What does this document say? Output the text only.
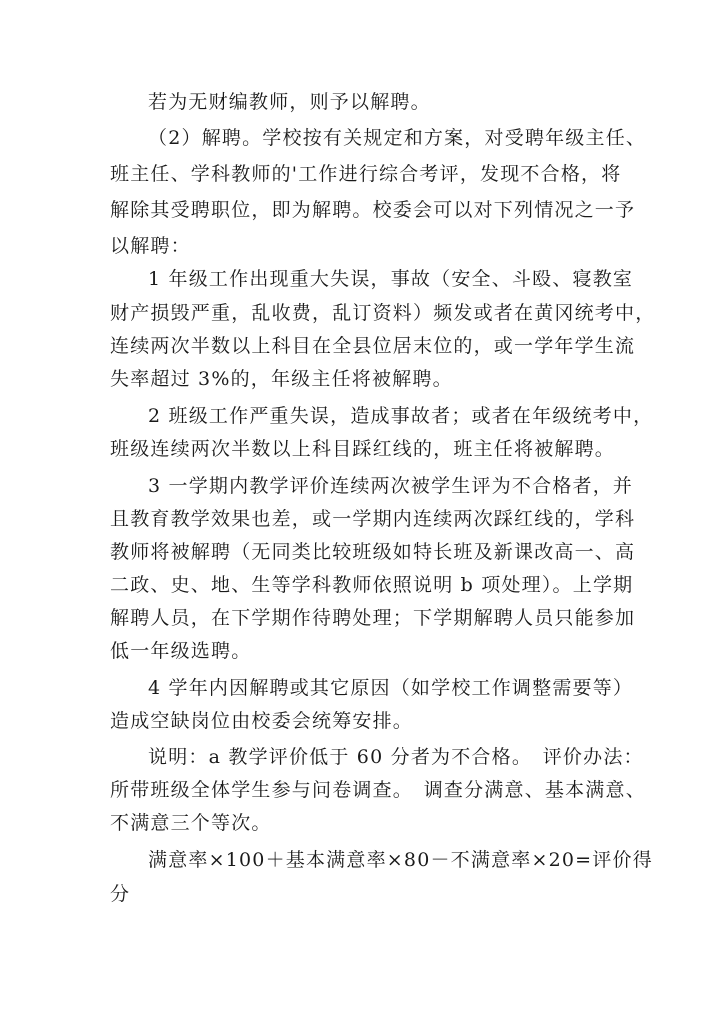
若为无财编教师，则予以解聘。
（2）解聘。学校按有关规定和方案，对受聘年级主任、
班主任、学科教师的'工作进行综合考评，发现不合格，将
解除其受聘职位，即为解聘。校委会可以对下列情况之一予
以解聘：
1 年级工作出现重大失误，事故（安全、斗殴、寝教室
财产损毁严重，乱收费，乱订资料）频发或者在黄冈统考中，
连续两次半数以上科目在全县位居末位的，或一学年学生流
失率超过 3%的，年级主任将被解聘。
2 班级工作严重失误，造成事故者；或者在年级统考中，
班级连续两次半数以上科目踩红线的，班主任将被解聘。
3 一学期内教学评价连续两次被学生评为不合格者，并
且教育教学效果也差，或一学期内连续两次踩红线的，学科
教师将被解聘（无同类比较班级如特长班及新课改高一、高
二政、史、地、生等学科教师依照说明 b 项处理）。上学期
解聘人员，在下学期作待聘处理；下学期解聘人员只能参加
低一年级选聘。
4 学年内因解聘或其它原因（如学校工作调整需要等）
造成空缺岗位由校委会统筹安排。
说明：a 教学评价低于 60 分者为不合格。　评价办法：
所带班级全体学生参与问卷调查。　调查分满意、基本满意、
不满意三个等次。
满意率×100＋基本满意率×80－不满意率×20=评价得
分
